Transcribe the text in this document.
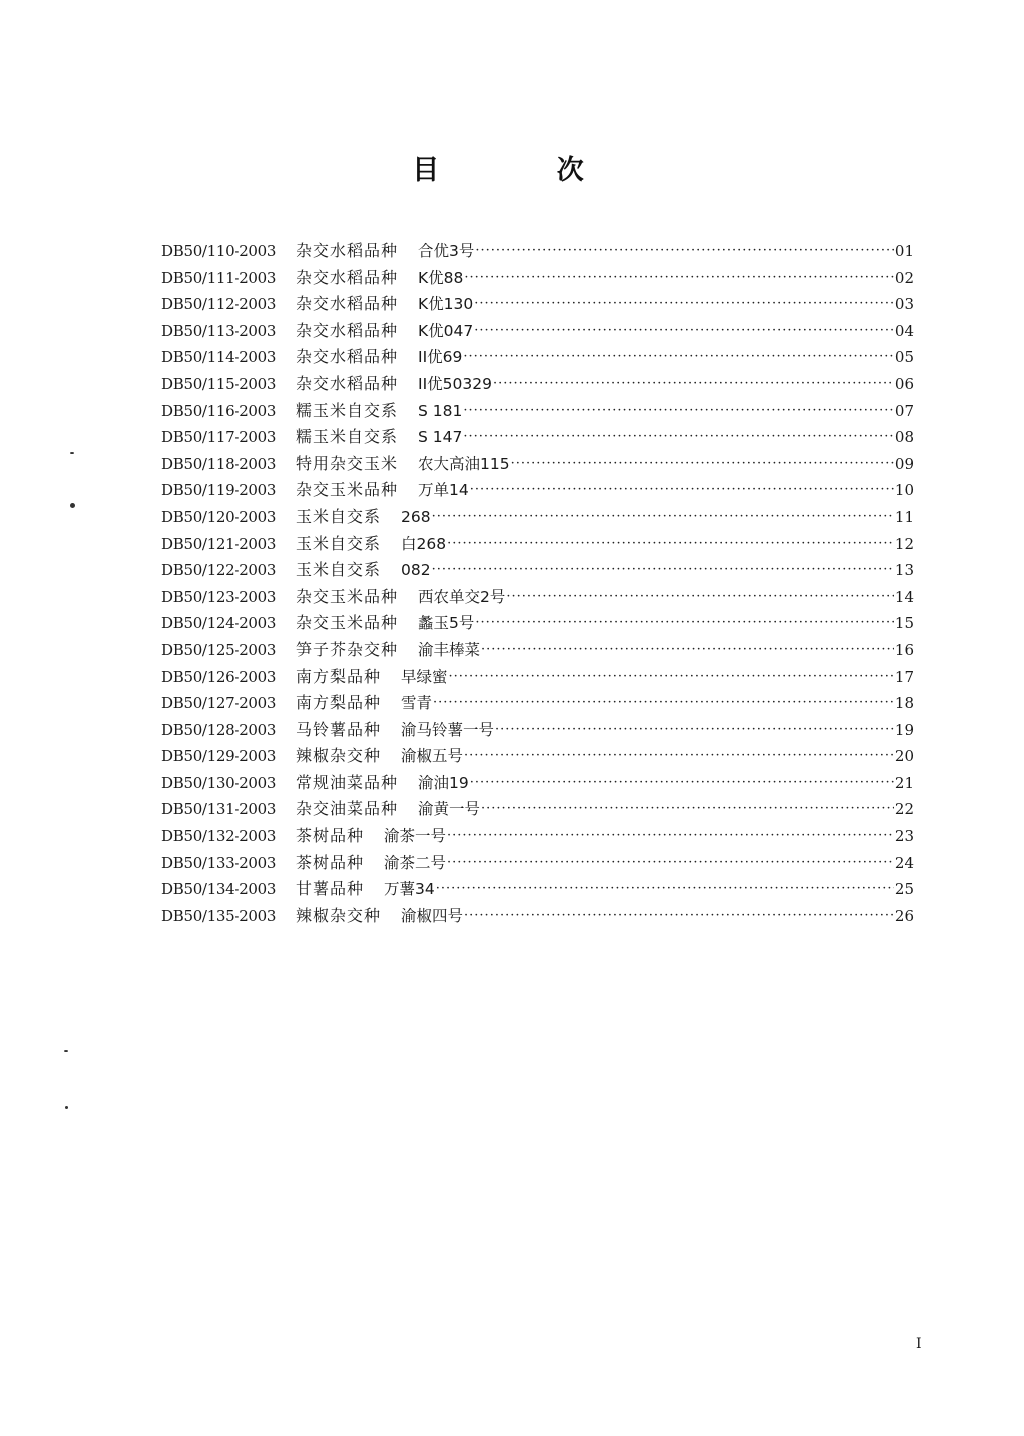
目 次
DB50/110-2003	杂交水稻品种 合优3号 ·····	01
DB50/111-2003	杂交水稻品种 K优88 ·····	02
DB50/112-2003	杂交水稻品种 K优130 ·····	03
DB50/113-2003	杂交水稻品种 K优047 ·····	04
DB50/114-2003	杂交水稻品种 II优69 ·····	05
DB50/115-2003	杂交水稻品种 II优50329 ·····	06
DB50/116-2003	糯玉米自交系 S 181 ·····	07
DB50/117-2003	糯玉米自交系 S 147 ·····	08
DB50/118-2003	特用杂交玉米 农大高油115 ·····	09
DB50/119-2003	杂交玉米品种 万单14 ·····	10
DB50/120-2003	玉米自交系 268 ·····	11
DB50/121-2003	玉米自交系 白268 ·····	12
DB50/122-2003	玉米自交系 082 ·····	13
DB50/123-2003	杂交玉米品种 西农单交2号 ·····	14
DB50/124-2003	杂交玉米品种 蠡玉5号 ·····	15
DB50/125-2003	笋子芥杂交种 渝丰棒菜 ·····	16
DB50/126-2003	南方梨品种 早绿蜜 ·····	17
DB50/127-2003	南方梨品种 雪青 ·····	18
DB50/128-2003	马铃薯品种 渝马铃薯一号 ·····	19
DB50/129-2003	辣椒杂交种 渝椒五号 ·····	20
DB50/130-2003	常规油菜品种 渝油19 ·····	21
DB50/131-2003	杂交油菜品种 渝黄一号 ·····	22
DB50/132-2003	茶树品种 渝茶一号 ·····	23
DB50/133-2003	茶树品种 渝茶二号 ·····	24
DB50/134-2003	甘薯品种 万薯34 ·····	25
DB50/135-2003	辣椒杂交种 渝椒四号 ·····	26
I
